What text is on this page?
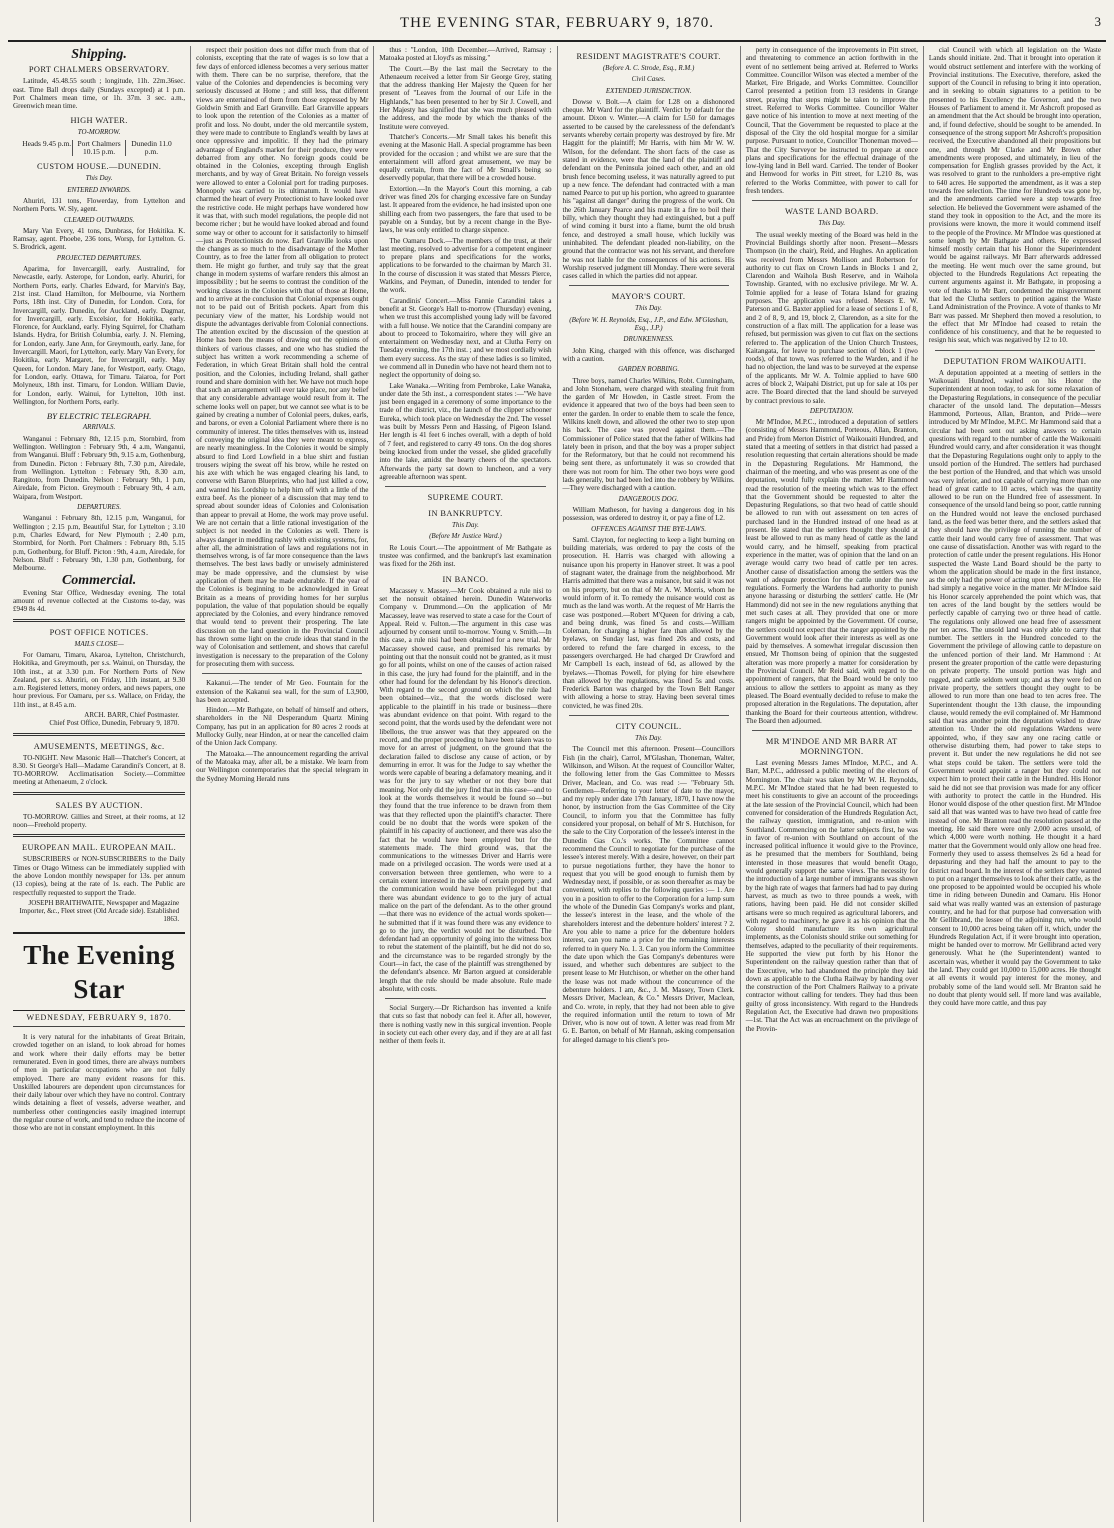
THE EVENING STAR, FEBRUARY 9, 1870.	3
Shipping.
PORT CHALMERS OBSERVATORY.

Latitude, 45.48.55 south ; longitude, 11h. 22m.36sec. east. Time Ball drops daily (Sundays excepted) at 1 p.m. Port Chalmers mean time, or 1h. 37m. 3 sec. a.m., Greenwich mean time.

HIGH WATER.
TO-MORROW.
Heads 9.45 p.m. Port Chalmers 10.15 p.m.
Dunedin 11.0 p.m.
CUSTOM HOUSE.—DUNEDIN.
This Day.
ENTERED INWARDS.

Ahuriri, 131 tons, Flowerday, from Lyttelton and Northern Ports. W. Sly, agent.

CLEARED OUTWARDS.

Mary Van Every, 41 tons, Dunbrass, for Hokitika. K. Ramsay, agent. Phoebe, 236 tons, Worsp, for Lyttelton. G. S. Brodrick, agent.

PROJECTED DEPARTURES.

Aparima, for Invercargill, early. Australind, for Newcastle, early. Asterope, for London, early. Ahuriri, for Northern Ports, early. Charles Edward, for Marvin's Bay, 21st inst. Claud Hamilton, for Melbourne, via Northern Ports, 18th inst. City of Dunedin, for London. Cora, for Invercargill, early. Dunedin, for Auckland, early. Dagmar, for Invercargill, early. Excelsior, for Hokitika, early. Florence, for Auckland, early. Flying Squirrel, for Chatham Islands. Hydra, for British Columbia, early. J. N. Fleming, for London, early. Jane Ann, for Greymouth, early. Jane, for Invercargill. Maori, for Lyttelton, early. Mary Van Every, for Hokitika, early. Margaret, for Invercargill, early. May Queen, for London. Mary Jane, for Westport, early. Otago, for London, early. Ottawa, for Timaru. Taiaroa, for Port Molyneux, 18th inst. Timaru, for London. William Davie, for London, early. Wainui, for Lyttelton, 10th inst. Wellington, for Northern Ports, early.

BY ELECTRIC TELEGRAPH.
ARRIVALS.

Wanganui : February 8th, 12.15 p.m, Stornbird, from Wellington. Wellington : February 9th, 4 a.m, Wanganui, from Wanganui. Bluff : February 9th, 9.15 a.m, Gothenburg, from Dunedin. Picton : February 8th, 7.30 p.m, Airedale, from Wellington. Lyttelton : February 9th, 8.30 a.m, Rangitoto, from Dunedin. Nelson : February 9th, 1 p.m, Airedale, from Picton. Greymouth : February 9th, 4 a.m, Waipara, from Westport.

DEPARTURES.

Wanganui : February 8th, 12.15 p.m, Wanganui, for Wellington ; 2.15 p.m, Beautiful Star, for Lyttelton ; 3.10 p.m, Charles Edward, for New Plymouth ; 2.40 p.m, Stormbird, for North. Port Chalmers : February 8th, 5.15 p.m, Gothenburg, for Bluff. Picton : 9th, 4 a.m, Airedale, for Nelson. Bluff : February 9th, 1.30 p.m, Gothenburg, for Melbourne.

Commercial.

Evening Star Office, Wednesday evening. The total amount of revenue collected at the Customs to-day, was £949 8s 4d.

POST OFFICE NOTICES.
MAILS CLOSE—

For Oamaru, Timaru, Akaroa, Lyttelton, Christchurch, Hokitika, and Greymouth, per s.s. Wainui, on Thursday, the 10th inst., at at 3.30 p.m. For Northern Ports of New Zealand, per s.s. Ahuriri, on Friday, 11th instant, at 9.30 a.m. Registered letters, money orders, and news papers, one hour previous. For Oamaru, per s.s. Wallace, on Friday, the 11th inst., at 8.45 a.m.

ARCH. BARR, Chief Postmaster.
Chief Post Office, Dunedin, February 9, 1870.
AMUSEMENTS, MEETINGS, &c.

TO-NIGHT. New Masonic Hall—Thatcher's Concert, at 8.30. St George's Hall—Madame Carandini's Concert, at 8. TO-MORROW. Acclimatisation Society.—Committee meeting at Athenaeum, 2 o'clock.

SALES BY AUCTION.

TO-MORROW. Gillies and Street, at their rooms, at 12 noon—Freehold property.

EUROPEAN MAIL. EUROPEAN MAIL.

SUBSCRIBERS or NON-SUBSCRIBERS to the Daily Times or Otago Witness can be immediately supplied with the above London monthly newspaper for 13s. per annum (13 copies), being at the rate of 1s. each. The Public are respectfully requested to support the Trade.

JOSEPH BRAITHWAITE, Newspaper and Magazine Importer, &c., Fleet street (Old Arcade side). Established 1863.
The Evening Star
WEDNESDAY, FEBRUARY 9, 1870.

It is very natural for the inhabitants of Great Britain, crowded together on an island, to look abroad for homes and work where their daily efforts may be better remunerated. Even in good times, there are always numbers of men in particular occupations who are not fully employed. There are many evident reasons for this. Unskilled labourers are dependent upon circumstances for their daily labour over which they have no control. Contrary winds detaining a fleet of vessels, adverse weather, and numberless other contingencies easily imagined interrupt the regular course of work, and tend to reduce the income of those who are not in constant employment. In this

respect their position does not differ much from that of colonists, excepting that the rate of wages is so low that a few days of enforced idleness becomes a very serious matter with them. There can be no surprise, therefore, that the value of the Colonies and dependencies is becoming very seriously discussed at Home ; and still less, that different views are entertained of them from those expressed by Mr Goldwin Smith and Earl Granville. Earl Granville appears to look upon the retention of the Colonies as a matter of profit and loss. No doubt, under the old mercantile system, they were made to contribute to England's wealth by laws at once oppressive and impolitic. If they had the primary advantage of England's market for their produce, they were debarred from any other. No foreign goods could be obtained in the Colonies, excepting through English merchants, and by way of Great Britain. No foreign vessels were allowed to enter a Colonial port for trading purposes. Monopoly was carried to its ultimatum. It would have charmed the heart of every Protectionist to have looked over the restrictive code. He might perhaps have wondered how it was that, with such model regulations, the people did not become richer ; but he would have looked abroad and found some way or other to account for it satisfactorily to himself—just as Protectionists do now. Earl Granville looks upon the changes as so much to the disadvantage of the Mother Country, as to free the latter from all obligation to protect them. He might go further, and truly say that the great change in modern systems of warfare renders this almost an impossibility ; but he seems to contrast the condition of the working classes in the Colonies with that of those at Home, and to arrive at the conclusion that Colonial expenses ought not to be paid out of British pockets. Apart from this pecuniary view of the matter, his Lordship would not dispute the advantages derivable from Colonial connections. The attention excited by the discussion of the question at Home has been the means of drawing out the opinions of thinkers of various classes, and one who has studied the subject has written a work recommending a scheme of Federation, in which Great Britain shall hold the central position, and the Colonies, including Ireland, shall gather round and share dominion with her. We have not much hope that such an arrangement will ever take place, nor any belief that any considerable advantage would result from it. The scheme looks well on paper, but we cannot see what is to be gained by creating a number of Colonial peers, dukes, earls, and barons, or even a Colonial Parliament where there is no community of interest. The titles themselves with us, instead of conveying the original idea they were meant to express, are nearly meaningless. In the Colonies it would be simply absurd to find Lord Lowfield in a blue shirt and fustian trousers wiping the sweat off his brow, while he rested on his axe with which he was engaged clearing his land, to converse with Baron Blueprints, who had just killed a cow, and wanted his Lordship to help him off with a little of the extra beef. As the pioneer of a discussion that may tend to spread about sounder ideas of Colonies and Colonisation than appear to prevail at Home, the work may prove useful. We are not certain that a little rational investigation of the subject is not needed in the Colonies as well. There is always danger in meddling rashly with existing systems, for, after all, the administration of laws and regulations not in themselves wrong, is of far more consequence than the laws themselves. The best laws badly or unwisely administered may be made oppressive, and the clumsiest by wise application of them may be made endurable. If the year of the Colonies is beginning to be acknowledged in Great Britain as a means of providing homes for her surplus population, the value of that population should be equally appreciated by the Colonies, and every hindrance removed that would tend to prevent their prospering. The late discussion on the land question in the Provincial Council has thrown some light on the crude ideas that stand in the way of Colonisation and settlement, and shows that careful investigation is necessary to the preparation of the Colony for prosecuting them with success.

Kakanui.—The tender of Mr Geo. Fountain for the extension of the Kakanui sea wall, for the sum of L3,900, has been accepted.

Hindon.—Mr Bathgate, on behalf of himself and others, shareholders in the Nil Desperandum Quartz Mining Company, has put in an application for 80 acres 2 roods at Mullocky Gully, near Hindon, at or near the cancelled claim of the Union Jack Company.

The Matoaka.—The announcement regarding the arrival of the Matoaka may, after all, be a mistake. We learn from our Wellington contemporaries that the special telegram in the Sydney Morning Herald runs

thus : "London, 10th December.—Arrived, Ramsay ; Matoaka posted at Lloyd's as missing."

The Court.—By the last mail the Secretary to the Athenaeum received a letter from Sir George Grey, stating that the address thanking Her Majesty the Queen for her present of "Leaves from the Journal of our Life in the Highlands," has been presented to her by Sir J. Cowell, and Her Majesty has signified that she was much pleased with the address, and the mode by which the thanks of the Institute were conveyed.

Thatcher's Concerts.—Mr Small takes his benefit this evening at the Masonic Hall. A special programme has been provided for the occasion ; and whilst we are sure that the entertainment will afford great amusement, we may be equally certain, from the fact of Mr Small's being so deservedly popular, that there will be a crowded house.

Extortion.—In the Mayor's Court this morning, a cab driver was fined 20s for charging excessive fare on Sunday last. It appeared from the evidence, he had insisted upon one shilling each from two passengers, the fare that used to be payable on a Sunday, but by a recent change in the Bye-laws, he was only entitled to charge sixpence.

The Oamaru Dock.—The members of the trust, at their last meeting, resolved to advertise for a competent engineer to prepare plans and specifications for the works, applications to be forwarded to the chairman by March 31. In the course of discussion it was stated that Messrs Pierce, Watkins, and Peyman, of Dunedin, intended to tender for the work.

Carandinis' Concert.—Miss Fannie Carandini takes a benefit at St. George's Hall to-morrow (Thursday) evening, when we trust this accomplished young lady will be favored with a full house. We notice that the Carandini company are about to proceed to Tokomairiro, where they will give an entertainment on Wednesday next, and at Clutha Ferry on Tuesday evening, the 17th inst. ; and we most cordially wish them every success. As the stay of these ladies is so limited, we commend all in Dunedin who have not heard them not to neglect the opportunity of doing so.

Lake Wanaka.—Writing from Pembroke, Lake Wanaka, under date the 5th inst., a correspondent states :—"We have just been engaged in a ceremony of some importance to the trade of the district, viz., the launch of the clipper schooner Eureka, which took place on Wednesday the 2nd. The vessel was built by Messrs Penn and Hassing, of Pigeon Island. Her length is 41 feet 6 inches overall, with a depth of hold of 7 feet, and registered to carry 49 tons. On the dog shores being knocked from under the vessel, she glided gracefully into the lake, amidst the hearty cheers of the spectators. Afterwards the party sat down to luncheon, and a very agreeable afternoon was spent.

SUPREME COURT.
IN BANKRUPTCY.
This Day.
(Before Mr Justice Ward.)

Re Louis Court.—The appointment of Mr Bathgate as trustee was confirmed, and the bankrupt's last examination was fixed for the 26th inst.

IN BANCO.

Macassey v. Massey.—Mr Cook obtained a rule nisi to set the nonsuit obtained herein. Dunedin Waterworks Company v. Drummond.—On the application of Mr Macassey, leave was reserved to state a case for the Court of Appeal. Reid v. Fulton.—The argument in this case was adjourned by consent until to-morrow. Young v. Smith.—In this case, a rule nisi had been obtained for a new trial. Mr Macassey showed cause, and premised his remarks by pointing out that the nonsuit could not be granted, as it must go for all points, whilst on one of the causes of action raised in this case, the jury had found for the plaintiff, and in the other had found for the defendant by his Honor's direction. With regard to the second ground on which the rule had been obtained—viz., that the words disclosed were applicable to the plaintiff in his trade or business—there was abundant evidence on that point. With regard to the second point, that the words used by the defendant were not libellous, the true answer was that they appeared on the record, and the proper proceeding to have been taken was to move for an arrest of judgment, on the ground that the declaration failed to disclose any cause of action, or by demurring in error. It was for the Judge to say whether the words were capable of bearing a defamatory meaning, and it was for the jury to say whether or not they bore that meaning. Not only did the jury find that in this case—and to look at the words themselves it would be found so—but they found that the true inference to be drawn from them was that they reflected upon the plaintiff's character. There could be no doubt that the words were spoken of the plaintiff in his capacity of auctioneer, and there was also the fact that he would have been employed but for the statements made. The third ground was, that the communications to the witnesses Driver and Harris were made on a privileged occasion. The words were used at a conversation between three gentlemen, who were to a certain extent interested in the sale of certain property ; and the communication would have been privileged but that there was abundant evidence to go to the jury of actual malice on the part of the defendant. As to the other ground—that there was no evidence of the actual words spoken—he submitted that if it was found there was any evidence to go to the jury, the verdict would not be disturbed. The defendant had an opportunity of going into the witness box to rebut the statement of the plaintiff, but he did not do so, and the circumstance was to be regarded strongly by the Court—in fact, the case of the plaintiff was strengthened by the defendant's absence. Mr Barton argued at considerable length that the rule should be made absolute. Rule made absolute, with costs.

Social Surgery.—Dr Richardson has invented a knife that cuts so fast that nobody can feel it. After all, however, there is nothing vastly new in this surgical invention. People in society cut each other every day, and if they are at all fast neither of them feels it.

RESIDENT MAGISTRATE'S COURT.
(Before A. C. Strode, Esq., R.M.)
Civil Cases.
EXTENDED JURISDICTION.

Dowse v. Bolt.—A claim for L28 on a dishonored cheque. Mr Ward for the plaintiff. Verdict by default for the amount. Dixon v. Winter.—A claim for L50 for damages asserted to be caused by the carelessness of the defendant's servants whereby certain property was destroyed by fire. Mr Haggitt for the plaintiff; Mr Harris, with him Mr W. W. Wilson, for the defendant. The short facts of the case as stated in evidence, were that the land of the plaintiff and defendant on the Peninsula joined each other, and an old brush fence becoming useless, it was naturally agreed to put up a new fence. The defendant had contracted with a man named Pearce to put up his portion, who agreed to guarantee his "against all danger" during the progress of the work. On the 26th January Pearce and his mate lit a fire to boil their billy, which they thought they had extinguished, but a puff of wind coming it burst into a flame, burnt the old brush fence, and destroyed a small house, which luckily was uninhabited. The defendant pleaded non-liability, on the ground that the contractor was not his servant, and therefore he was not liable for the consequences of his actions. His Worship reserved judgment till Monday. There were several cases called in which the parties did not appear.

MAYOR'S COURT.
This Day.
(Before W. H. Reynolds, Esq., J.P., and Edw. M'Glashan, Esq., J.P.)
DRUNKENNESS.

John King, charged with this offence, was discharged with a caution.

GARDEN ROBBING.

Three boys, named Charles Wilkins, Robt. Cunningham, and John Stoneham, were charged with stealing fruit from the garden of Mr Howden, in Castle street. From the evidence it appeared that two of the boys had been seen to enter the garden. In order to enable them to scale the fence, Wilkins knelt down, and allowed the other two to step upon his back. The case was proved against them.—The Commissioner of Police stated that the father of Wilkins had lately been in prison, and that the boy was a proper subject for the Reformatory, but that he could not recommend his being sent there, as unfortunately it was so crowded that there was not room for him. The other two boys were good lads generally, but had been led into the robbery by Wilkins.—They were discharged with a caution.

DANGEROUS DOG.

William Matheson, for having a dangerous dog in his possession, was ordered to destroy it, or pay a fine of L2.

OFFENCES AGAINST THE BYE-LAWS.

Saml. Clayton, for neglecting to keep a light burning on building materials, was ordered to pay the costs of the prosecution. H. Harris was charged with allowing a nuisance upon his property in Hanover street. It was a pool of stagnant water, the drainage from the neighborhood. Mr Harris admitted that there was a nuisance, but said it was not on his property, but on that of Mr A. W. Morris, whom he would inform of it. To remedy the nuisance would cost as much as the land was worth. At the request of Mr Harris the case was postponed.—Robert M'Queen for driving a cab, and being drunk, was fined 5s and costs.—William Coleman, for charging a higher fare than allowed by the byelaws, on Sunday last, was fined 20s and costs, and ordered to refund the fare charged in excess, to the passengers overcharged. He had charged Dr Crawford and Mr Campbell 1s each, instead of 6d, as allowed by the byelaws.—Thomas Powell, for plying for hire elsewhere than allowed by the regulations, was fined 5s and costs. Frederick Barton was charged by the Town Belt Ranger with allowing a horse to stray. Having been several times convicted, he was fined 20s.

CITY COUNCIL.
This Day.

The Council met this afternoon. Present—Councillors Fish (in the chair), Carrol, M'Glashan, Thoneman, Walter, Wilkinson, and Wilson. At the request of Councillor Walter, the following letter from the Gas Committee to Messrs Driver, Maclean, and Co. was read :— "February 5th. Gentlemen—Referring to your letter of date to the mayor, and my reply under date 17th January, 1870, I have now the honor, by instruction from the Gas Committee of the City Council, to inform you that the Committee has fully considered your proposal, on behalf of Mr S. Hutchison, for the sale to the City Corporation of the lessee's interest in the Dunedin Gas Co.'s works. The Committee cannot recommend the Council to negotiate for the purchase of the lessee's interest merely. With a desire, however, on their part to pursue negotiations further, they have the honor to request that you will be good enough to furnish them by Wednesday next, if possible, or as soon thereafter as may be convenient, with replies to the following queries :— 1. Are you in a position to offer to the Corporation for a lump sum the whole of the Dunedin Gas Company's works and plant, the lessee's interest in the lease, and the whole of the shareholders interest and the debenture holders' interest ? 2. Are you able to name a price for the debenture holders interest, can you name a price for the remaining interests referred to in query No. 1. 3. Can you inform the Committee the date upon which the Gas Company's debentures were issued, and whether such debentures are subject to the present lease to Mr Hutchison, or whether on the other hand the lease was not made without the concurrence of the debenture holders. I am, &c., J. M. Massey, Town Clerk. Messrs Driver, Maclean, & Co." Messrs Driver, Maclean, and Co. wrote, in reply, that they had not been able to give the required information until the return to town of Mr Driver, who is now out of town. A letter was read from Mr G. E. Barton, on behalf of Mr Hannah, asking compensation for alleged damage to his client's pro-

perty in consequence of the improvements in Pitt street, and threatening to commence an action forthwith in the event of no settlement being arrived at. Referred to Works Committee. Councillor Wilson was elected a member of the Market, Fire Brigade, and Works Committee. Councillor Carrol presented a petition from 13 residents in Grange street, praying that steps might be taken to improve the street. Referred to Works Committee. Councillor Walter gave notice of his intention to move at next meeting of the Council, That the Government be requested to place at the disposal of the City the old hospital morgue for a similar purpose. Pursuant to notice, Councillor Thoneman moved—That the City Surveyor be instructed to prepare at once plans and specifications for the effectual drainage of the low-lying land in Bell ward. Carried. The tender of Booker and Henwood for works in Pitt street, for L210 8s, was referred to the Works Committee, with power to call for fresh tenders.

WASTE LAND BOARD.
This Day.

The usual weekly meeting of the Board was held in the Provincial Buildings shortly after noon. Present—Messrs Thompson (in the chair), Reid, and Hughes. An application was received from Messrs Mollison and Robertson for authority to cut flax on Crown Lands in Blocks 1 and 2, Clarendon and Waihola Bush Reserve, and in Waihola Township. Granted, with no exclusive privilege. Mr W. A. Tolmie applied for a lease of Totara Island for grazing purposes. The application was refused. Messrs E. W. Paterson and G. Baxter applied for a lease of sections 1 of 8, and 2 of 8, 9, and 19, block 2, Clarendon, as a site for the construction of a flax mill. The application for a lease was refused, but permission was given to cut flax on the sections referred to. The application of the Union Church Trustees, Kaitangata, for leave to purchase section of block 1 (two roods), of that town, was referred to the Warden, and if he had no objection, the land was to be surveyed at the expense of the applicants. Mr W. A. Tolmie applied to have 600 acres of block 2, Waipahi District, put up for sale at 10s per acre. The Board directed that the land should be surveyed by contract previous to sale.

DEPUTATION.

Mr M'Indoe, M.P.C., introduced a deputation of settlers (consisting of Messrs Hammond, Porteous, Allan, Branton, and Pride) from Merton District of Waikouaiti Hundred, and stated that a meeting of settlers in that district had passed a resolution requesting that certain alterations should be made in the Depasturing Regulations. Mr Hammond, the chairman of the meeting, and who was present as one of the deputation, would fully explain the matter. Mr Hammond read the resolution of the meeting which was to the effect that the Government should be requested to alter the Depasturing Regulations, so that two head of cattle should be allowed to run with out assessment on ten acres of purchased land in the Hundred instead of one head as at present. He stated that the settlers thought they should at least be allowed to run as many head of cattle as the land would carry, and he himself, speaking from practical experience in the matter, was of opinion that the land on an average would carry two head of cattle per ten acres. Another cause of dissatisfaction among the settlers was the want of adequate protection for the cattle under the new regulations. Formerly the Wardens had authority to punish anyone harassing or disturbing the settlers' cattle. He (Mr Hammond) did not see in the new regulations anything that met such cases at all. They provided that one or more rangers might be appointed by the Government. Of course, the settlers could not expect that the ranger appointed by the Government would look after their interests as well as one paid by themselves. A somewhat irregular discussion then ensued, Mr Thomson being of opinion that the suggested alteration was more properly a matter for consideration by the Provincial Council. Mr Reid said, with regard to the appointment of rangers, that the Board would be only too anxious to allow the settlers to appoint as many as they pleased. The Board eventually decided to refuse to make the proposed alteration in the Regulations. The deputation, after thanking the Board for their courteous attention, withdrew. The Board then adjourned.

MR M'INDOE AND MR BARR AT MORNINGTON.

Last evening Messrs James M'Indoe, M.P.C., and A. Barr, M.P.C., addressed a public meeting of the electors of Mornington. The chair was taken by Mr W. H. Reynolds, M.P.C. Mr M'Indoe stated that he had been requested to meet his constituents to give an account of the proceedings at the late session of the Provincial Council, which had been convened for consideration of the Hundreds Regulation Act, the railway question, immigration, and re-union with Southland. Commencing on the latter subjects first, he was in favor of re-union with Southland on account of the increased political influence it would give to the Province, as he presumed that the members for Southland, being interested in those measures that would benefit Otago, would generally support the same views. The necessity for the introduction of a large number of immigrants was shown by the high rate of wages that farmers had had to pay during harvest, as much as two to three pounds a week, with rations, having been paid. He did not consider skilled artisans were so much required as agricultural laborers, and with regard to machinery, he gave it as his opinion that the Colony should manufacture its own agricultural implements, as the Colonists should strike out something for themselves, adapted to the peculiarity of their requirements. He supported the view put forth by his Honor the Superintendent on the railway question rather than that of the Executive, who had abandoned the principle they laid down as applicable to the Clutha Railway by handing over the construction of the Port Chalmers Railway to a private contractor without calling for tenders. They had thus been guilty of gross inconsistency. With regard to the Hundreds Regulation Act, the Executive had drawn two propositions—1st. That the Act was an encroachment on the privilege of the Provin-

cial Council with which all legislation on the Waste Lands should initiate. 2nd. That it brought into operation it would obstruct settlement and interfere with the working of Provincial institutions. The Executive, therefore, asked the support of the Council in refusing to bring it into operation, and in seeking to obtain signatures to a petition to be presented to his Excellency the Governor, and the two Houses of Parliament to amend it. Mr Ashcroft proposed as an amendment that the Act should be brought into operation, and, if found defective, should be sought to be amended. In consequence of the strong support Mr Ashcroft's proposition received, the Executive abandoned all their propositions but one, and through Mr Clarke and Mr Brown other amendments were proposed, and ultimately, in lieu of the compensation for English grasses provided by the Act, it was resolved to grant to the runholders a pre-emptive right to 640 acres. He supported the amendment, as it was a step towards free selection. The time for Hundreds was gone by, and the amendments carried were a step towards free selection. He believed the Government were ashamed of the stand they took in opposition to the Act, and the more its provisions were known, the more it would commend itself to the people of the Province. Mr M'Indoe was questioned at some length by Mr Bathgate and others. He expressed himself mostly certain that his Honor the Superintendent would be against railways. Mr Barr afterwards addressed the meeting. He went much over the same ground, but objected to the Hundreds Regulations Act repeating the current arguments against it. Mr Bathgate, in proposing a vote of thanks to Mr Barr, condemned the misgovernment that led the Clutha settlers to petition against the Waste Land Administration of the Province. A vote of thanks to Mr Barr was passed. Mr Shepherd then moved a resolution, to the effect that Mr M'Indoe had ceased to retain the confidence of his constituency, and that he be requested to resign his seat, which was negatived by 12 to 10.

DEPUTATION FROM WAIKOUAITI.

A deputation appointed at a meeting of settlers in the Waikouaiti Hundred, waited on his Honor the Superintendent at noon today, to ask for some relaxation of the Depasturing Regulations, in consequence of the peculiar character of the unsold land. The deputation—Messrs Hammond, Porteous, Allan, Branton, and Pride—were introduced by Mr M'Indoe, M.P.C. Mr Hammond said that a circular had been sent out asking answers to certain questions with regard to the number of cattle the Waikouaiti Hundred would carry, and after consideration it was thought that the Depasturing Regulations ought only to apply to the unsold portion of the Hundred. The settlers had purchased the best portion of the Hundred, and that which was unsold was very inferior, and not capable of carrying more than one head of great cattle to 10 acres, which was the quantity allowed to be run on the Hundred free of assessment. In consequence of the unsold land being so poor, cattle running on the Hundred would not leave the enclosed purchased land, as the feed was better there, and the settlers asked that they should have the privilege of running the number of cattle their land would carry free of assessment. That was one cause of dissatisfaction. Another was with regard to the protection of cattle under the present regulations. His Honor suspected the Waste Land Board should be the party to whom the application should be made in the first instance, as the only had the power of acting upon their decisions. He had simply a negative voice in the matter. Mr M'Indoe said his Honor scarcely apprehended the point which was, that ten acres of the land bought by the settlers would be perfectly capable of carrying two or three head of cattle. The regulations only allowed one head free of assessment per ten acres. The unsold land was only able to carry that number. The settlers in the Hundred conceded to the Government the privilege of allowing cattle to depasture on the unfenced portion of their land. Mr Hammond : At present the greater proportion of the cattle were depasturing on private property. The unsold portion was high and rugged, and cattle seldom went up; and as they were fed on private property, the settlers thought they ought to be allowed to run more than one head to ten acres free. The Superintendent thought the 13th clause, the impounding clause, would remedy the evil complained of. Mr Hammond said that was another point the deputation wished to draw attention to. Under the old regulations Wardens were appointed, who, if they saw any one racing cattle or otherwise disturbing them, had power to take steps to prevent it. But under the new regulations he did not see what steps could be taken. The settlers were told the Government would appoint a ranger but they could not expect him to protect their cattle in the Hundred. His Honor said he did not see that provision was made for any officer with authority to protect the cattle in the Hundred. His Honor would dispose of the other question first. Mr M'Indoe said all that was wanted was to have two head of cattle free instead of one. Mr Branton read the resolution passed at the meeting. He said there were only 2,000 acres unsold, of which 4,000 were worth nothing. He thought it a hard matter that the Government would only allow one head free. Formerly they used to assess themselves 2s 6d a head for depasturing and they had half the amount to pay to the district road board. In the interest of the settlers they wanted to put on a ranger themselves to look after their cattle, as the one proposed to be appointed would be occupied his whole time in riding between Dunedin and Oamaru. His Honor said what was really wanted was an extension of pasturage country, and he had for that purpose had conversation with Mr Gellibrand, the lessee of the adjoining run, who would consent to 10,000 acres being taken off it, which, under the Hundreds Regulation Act, if it were brought into operation, might be handed over to morrow. Mr Gellibrand acted very generously. What he (the Superintendent) wanted to ascertain was, whether it would pay the Government to take the land. They could get 10,000 to 15,000 acres. He thought at all events it would pay interest for the money, and probably some of the land would sell. Mr Branton said he no doubt that plenty would sell. If more land was available, they could have more cattle, and thus pay
